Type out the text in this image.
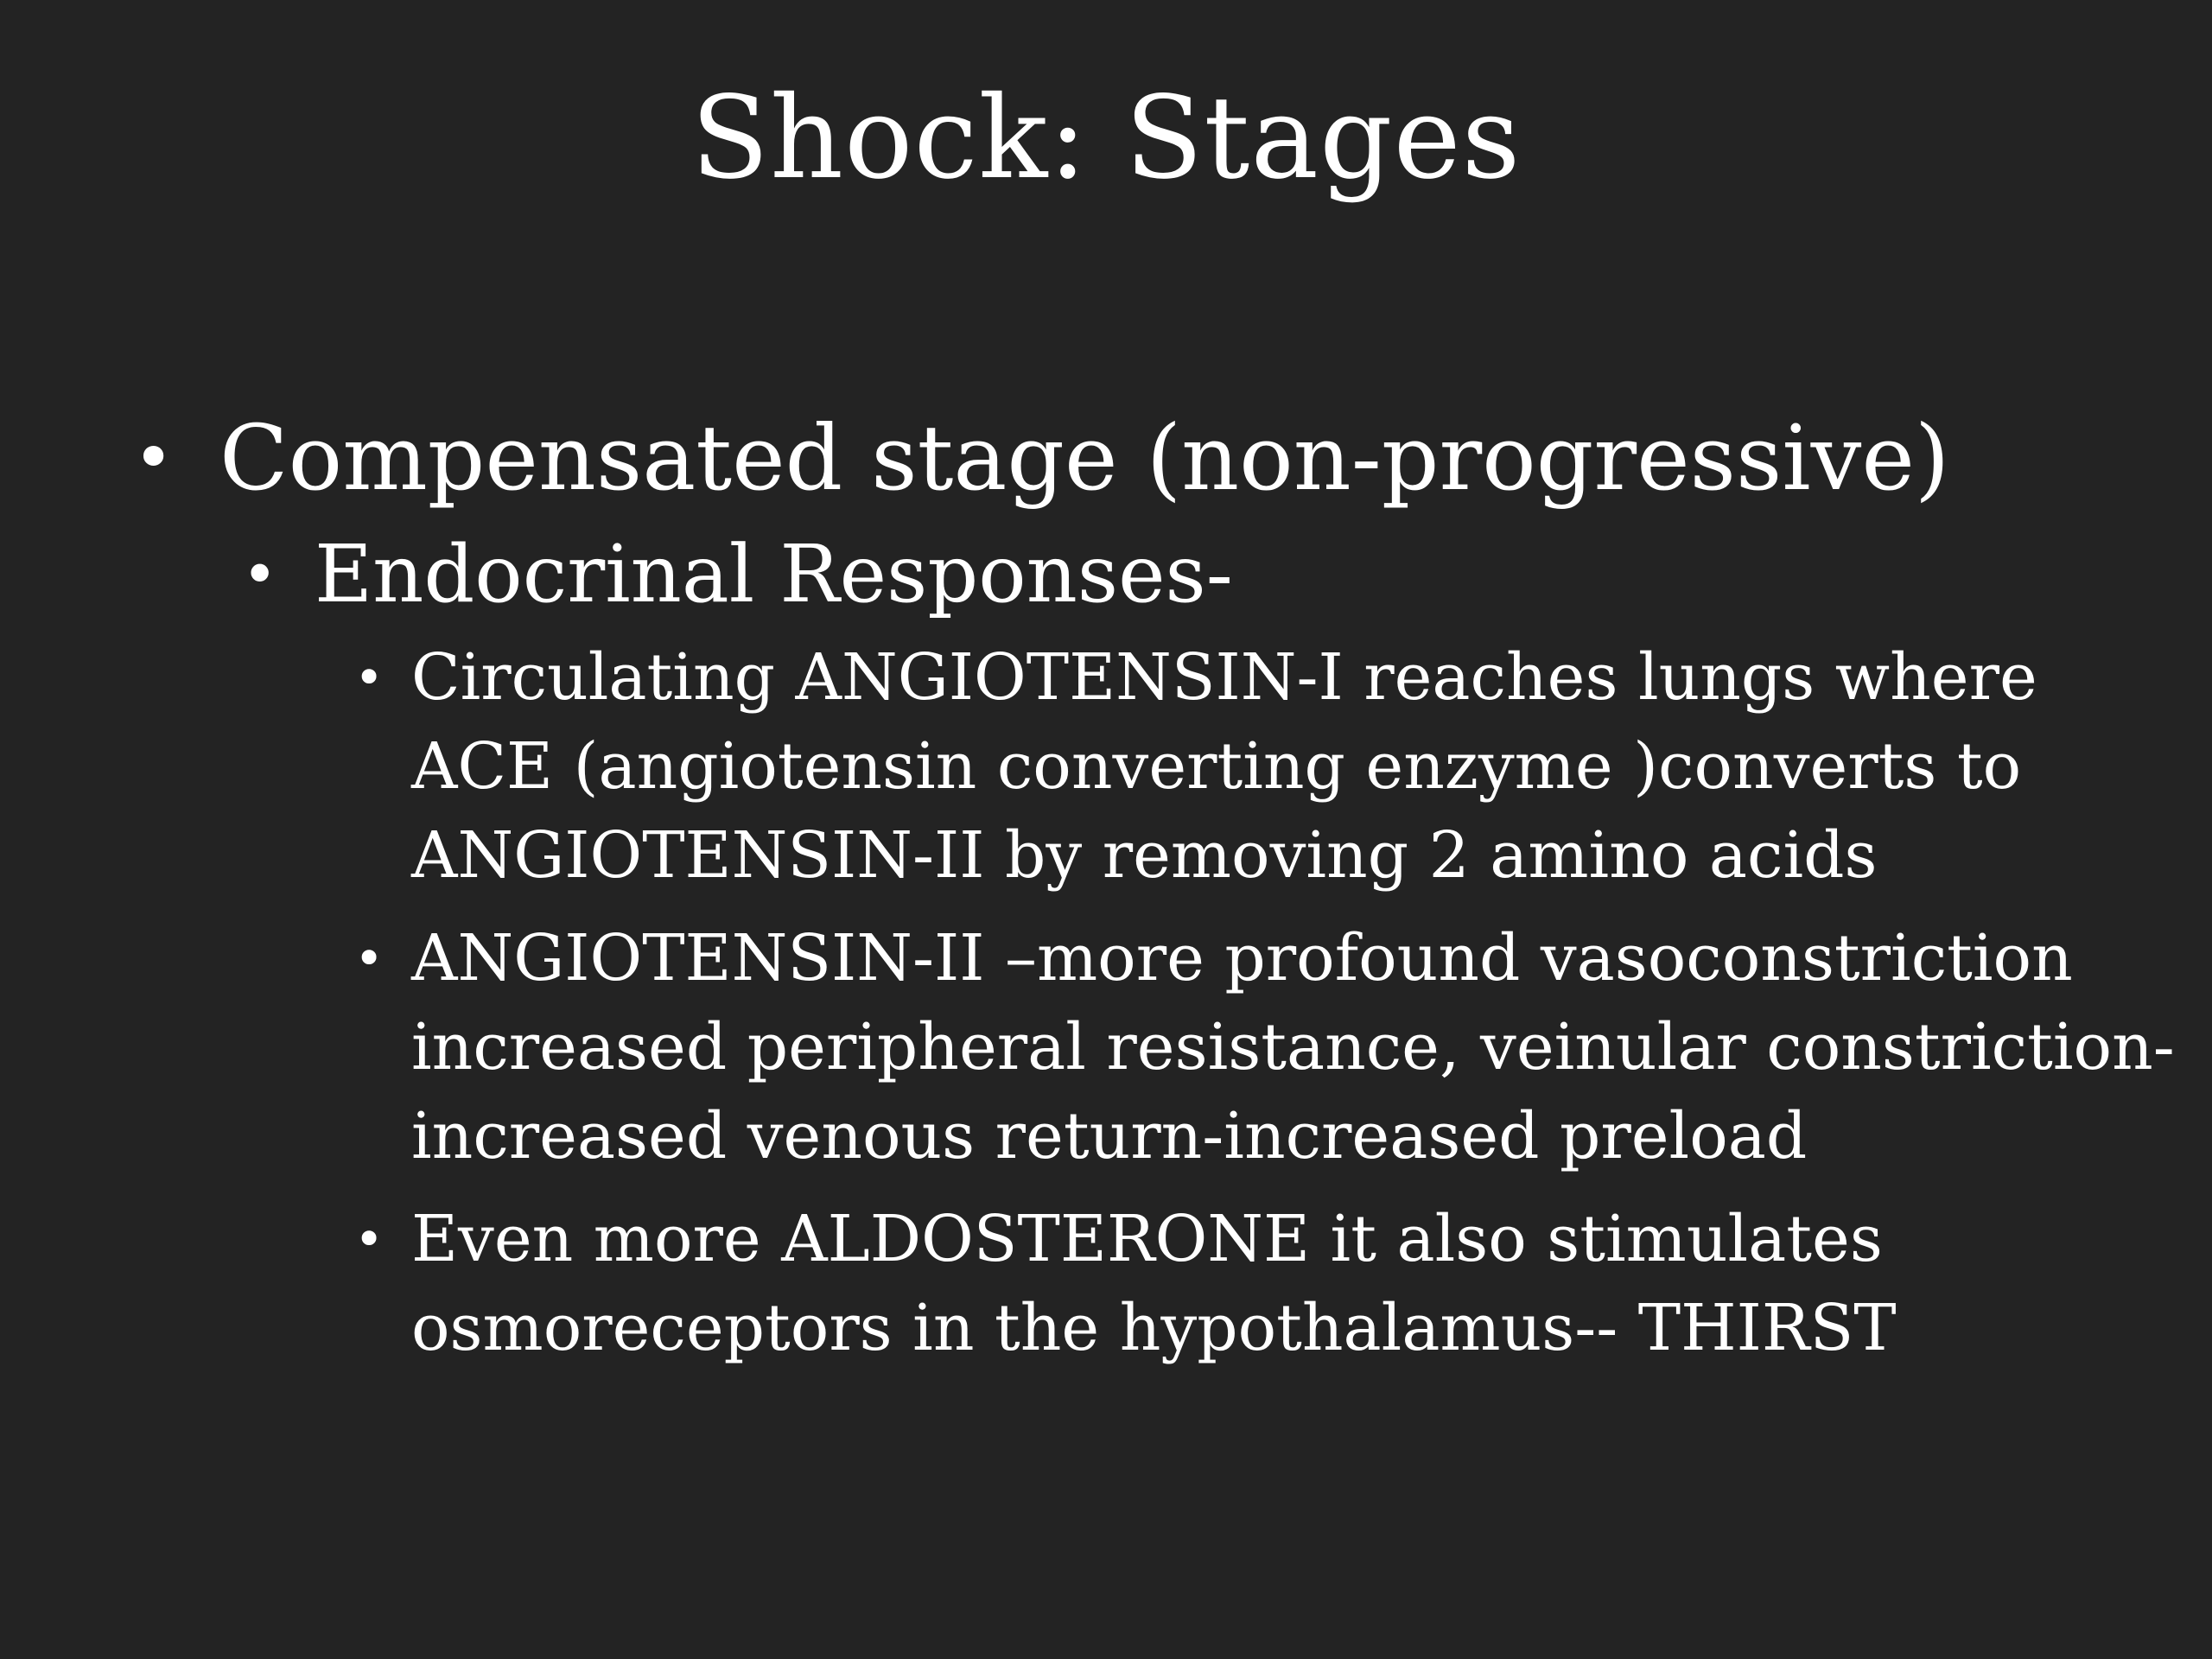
Shock: Stages
•
Compensated stage (non-progressive)
•
Endocrinal Responses-
•
Circulating ANGIOTENSIN-I reaches lungs where ACE (angiotensin converting enzyme )converts to ANGIOTENSIN-II by removing 2 amino acids
•
ANGIOTENSIN-II –more profound vasoconstriction increased peripheral resistance, veinular constriction-increased venous return-increased preload
•
Even more ALDOSTERONE it also stimulates osmoreceptors in the hypothalamus-- THIRST
